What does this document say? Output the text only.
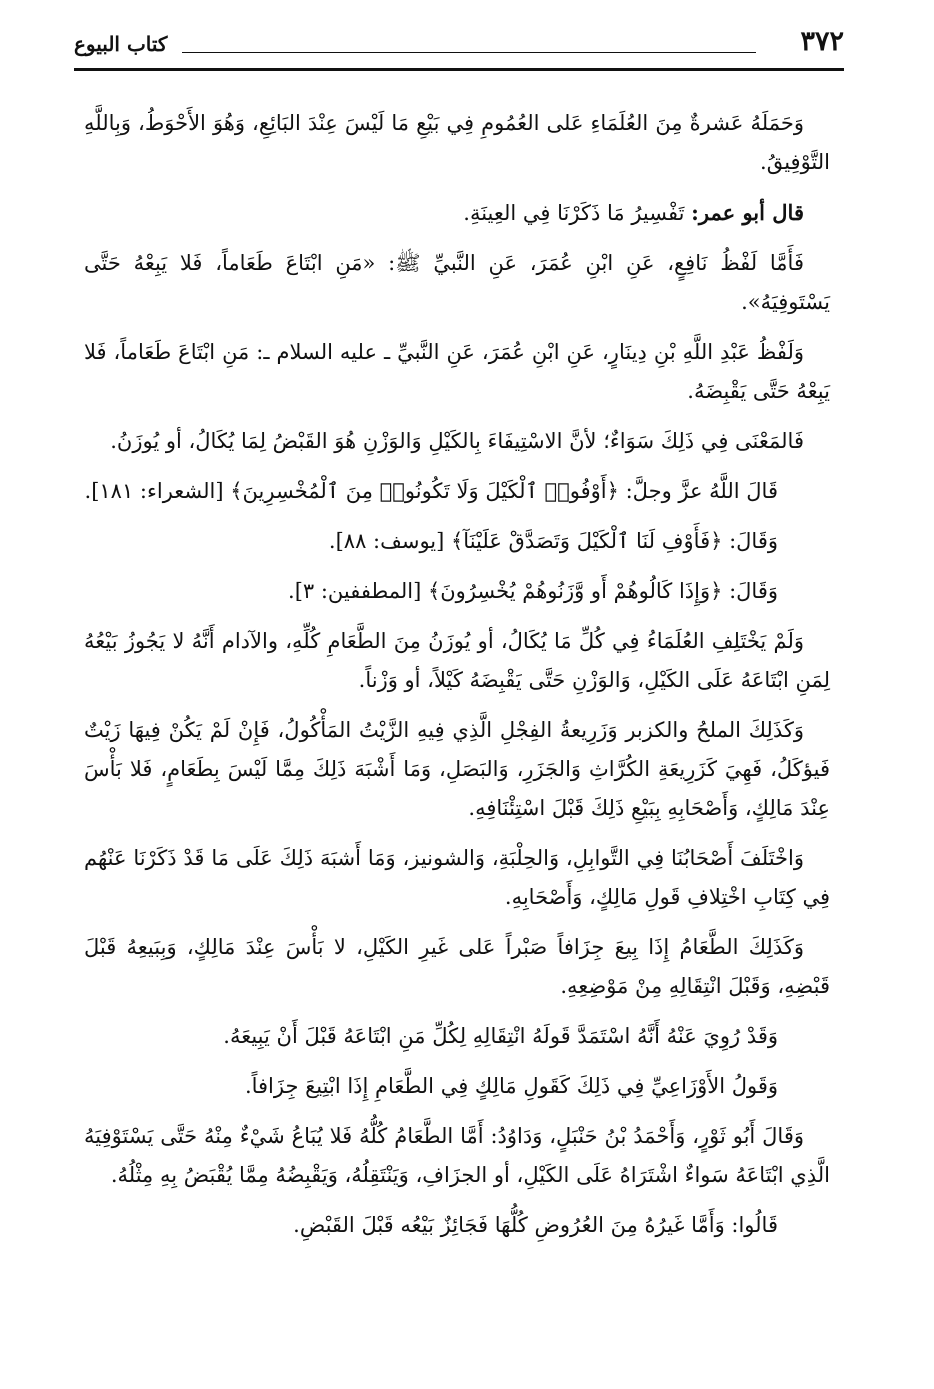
٣٧٢
كتاب البيوع

وَحَمَلَهُ عَشرةٌ مِنَ العُلَمَاءِ عَلى العُمُومِ فِي بَيْعِ مَا لَيْسَ عِنْدَ البَائِعِ، وَهُوَ الأَحْوَطُ، وَبِاللَّهِ التَّوْفِيقُ.

قال أبو عمر: تَفْسِيرُ مَا ذَكَرْنَا فِي العِينَةِ.

فَأَمَّا لَفْظُ نَافِعٍ، عَنِ ابْنِ عُمَرَ، عَنِ النَّبيِّ ﷺ: «مَنِ ابْتَاعَ طَعَاماً، فَلا يَبِعْهُ حَتَّى يَسْتَوفِيَهُ».

وَلَفْظُ عَبْدِ اللَّهِ بْنِ دِينَارٍ، عَنِ ابْنِ عُمَرَ، عَنِ النَّبيِّ ـ عليه السلام ـ: مَنِ ابْتَاعَ طَعَاماً، فَلا يَبِعْهُ حَتَّى يَقْبِضَهُ.

فَالمَعْنَى فِي ذَلِكَ سَوَاءٌ؛ لأنَّ الاسْتِيفَاءَ بِالكَيْلِ وَالوَزْنِ هُوَ القَبْضُ لِمَا يُكَالُ، أو يُوزَنُ.

قَالَ اللَّهُ عزَّ وجلَّ: ﴿أَوْفُوا۟ ٱلْكَيْلَ وَلَا تَكُونُوا۟ مِنَ ٱلْمُخْسِرِينَ﴾ [الشعراء: ١٨١].

وَقَالَ: ﴿فَأَوْفِ لَنَا ٱلْكَيْلَ وَتَصَدَّقْ عَلَيْنَآ﴾ [يوسف: ٨٨].

وَقَالَ: ﴿وَإِذَا كَالُوهُمْ أَو وَّزَنُوهُمْ يُخْسِرُونَ﴾ [المطففين: ٣].

وَلَمْ يَخْتَلِفِ العُلَمَاءُ فِي كُلِّ مَا يُكَالُ، أو يُوزَنُ مِنَ الطَّعَامِ كُلِّهِ، والآدام أَنَّهُ لا يَجُوزُ بَيْعُهُ لِمَنِ ابْتَاعَهُ عَلَى الكَيْلِ، وَالوَزْنِ حَتَّى يَقْبِضَهُ كَيْلاً، أو وَزْناً.

وَكَذَلِكَ الملحُ والكزبر وَزَرِيعةُ الفِجْلِ الَّذِي فِيهِ الزَّيْتُ المَأْكُولُ، فَإِنْ لَمْ يَكُنْ فِيهَا زَيْتٌ فَيؤكَلُ، فَهِيَ كَزَرِيعَةِ الكُرَّاثِ وَالجَزَرِ، وَالبَصَلِ، وَمَا أَشْبَهَ ذَلِكَ مِمَّا لَيْسَ بِطَعَامٍ، فَلا بَأْسَ عِنْدَ مَالِكٍ، وَأَصْحَابِهِ بِبَيْعِ ذَلِكَ قَبْلَ اسْتِئْنَافِهِ.

وَاخْتَلَفَ أَصْحَابُنَا فِي التَّوابِلِ، وَالحِلْبَةِ، وَالشونيز، وَمَا أَشبَهَ ذَلِكَ عَلَى مَا قَدْ ذَكَرْنَا عَنْهُم فِي كِتَابِ اخْتِلافِ قَولِ مَالِكٍ، وَأَصْحَابِهِ.

وَكَذَلِكَ الطَّعَامُ إِذَا بِيعَ جِزَافاً صَبْراً عَلى غَيرِ الكَيْلِ، لا بَأْسَ عِنْدَ مَالِكٍ، وَبِبَيعِهُ قَبْلَ قَبْضِهِ، وَقَبْلَ انْتِقَالِهِ مِنْ مَوْضِعِهِ.

وَقَدْ رُوِيَ عَنْهُ أَنَّهُ اسْتَمَدَّ قَولَهُ انْتِقَالِهِ لِكُلِّ مَنِ ابْتَاعَهُ قَبْلَ أَنْ يَبِيعَهُ.

وَقَولُ الأَوْزَاعِيِّ فِي ذَلِكَ كَقَولِ مَالِكٍ فِي الطَّعَامِ إِذَا ابْتِيعَ جِزَافاً.

وَقَالَ أَبُو ثَوْرٍ، وَأَحْمَدُ بْنُ حَنْبَلٍ، وَدَاوُدُ: أَمَّا الطَّعَامُ كُلُّهُ فَلا يُبَاعُ شَيْءٌ مِنْهُ حَتَّى يَسْتَوْفِيَهُ الَّذِي ابْتَاعَهُ سَواءٌ اشْتَرَاهُ عَلَى الكَيْلِ، أو الجزَافِ، وَيَنْتَقِلُهُ، وَيَقْبِضُهُ مِمَّا يُقْبَضُ بِهِ مِثْلُهُ.

قَالُوا: وَأَمَّا غَيرُهُ مِنَ العُرُوضِ كُلُّهَا فَجَائِزٌ بَيْعُه قَبْلَ القَبْضِ.
